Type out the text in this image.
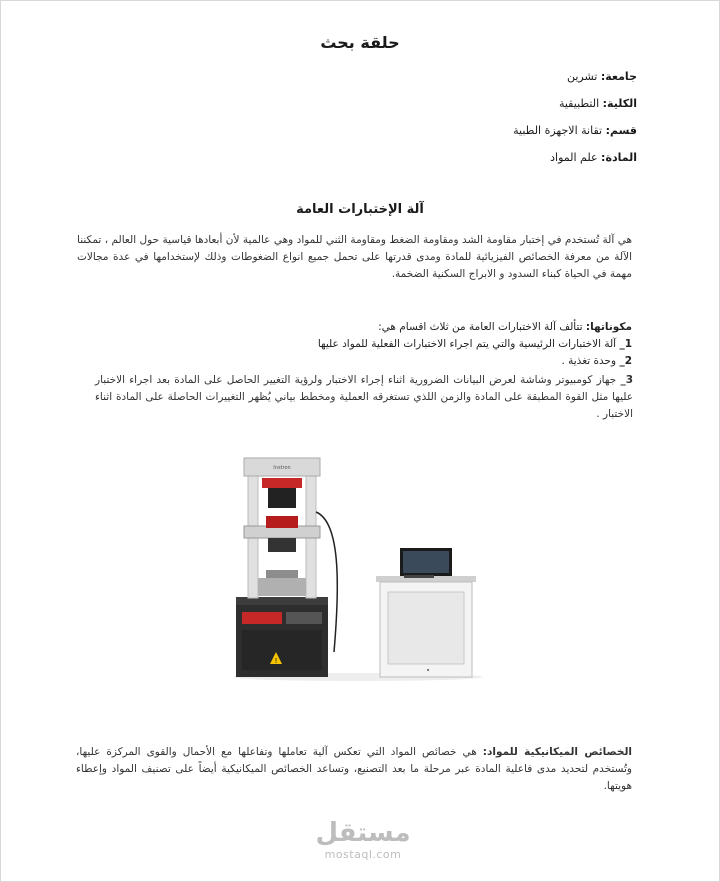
حلقة بحث
جامعة: تشرين
الكلية: التطبيقية
قسم: تقانة الاجهزة الطبية
المادة: علم المواد
آلة الإختبارات العامة
هي آلة تُستخدم في إختبار مقاومة الشد ومقاومة الضغط ومقاومة الثني للمواد وهي عالمية لأن أبعادها قياسية حول العالم ، تمكننا الآلة من معرفة الخصائص الفيزيائية للمادة ومدى قدرتها على تحمل جميع انواع الضغوطات وذلك لإستخدامها في عدة مجالات مهمة في الحياة كبناء السدود و الابراج السكنية الضخمة.
مكوناتها: تتألف آلة الاختبارات العامة من ثلاث اقسام هي:
1_ آلة الاختبارات الرئيسية والتي يتم اجراء الاختبارات الفعلية للمواد عليها
2_ وحدة تغذية .
3_ جهاز كومبيوتر وشاشة لعرض البيانات الضرورية اثناء إجراء الاختبار ولرؤية التغيير الحاصل على المادة بعد اجراء الاختبار عليها مثل القوة المطبقة على المادة والزمن اللذي تستغرقه العملية ومخطط بياني يُظهر التغييرات الحاصلة على المادة اثناء الاختبار .
!
Instron
▪
الخصائص الميكانيكية للمواد: هي خصائص المواد التي تعكس آلية تعاملها وتفاعلها مع الأحمال والقوى المركزة عليها، وتُستخدم لتحديد مدى فاعلية المادة عبر مرحلة ما بعد التصنيع، وتساعد الخصائص الميكانيكية أيضاً على تصنيف المواد وإعطاء هويتها.
مستقل
mostaql.com
